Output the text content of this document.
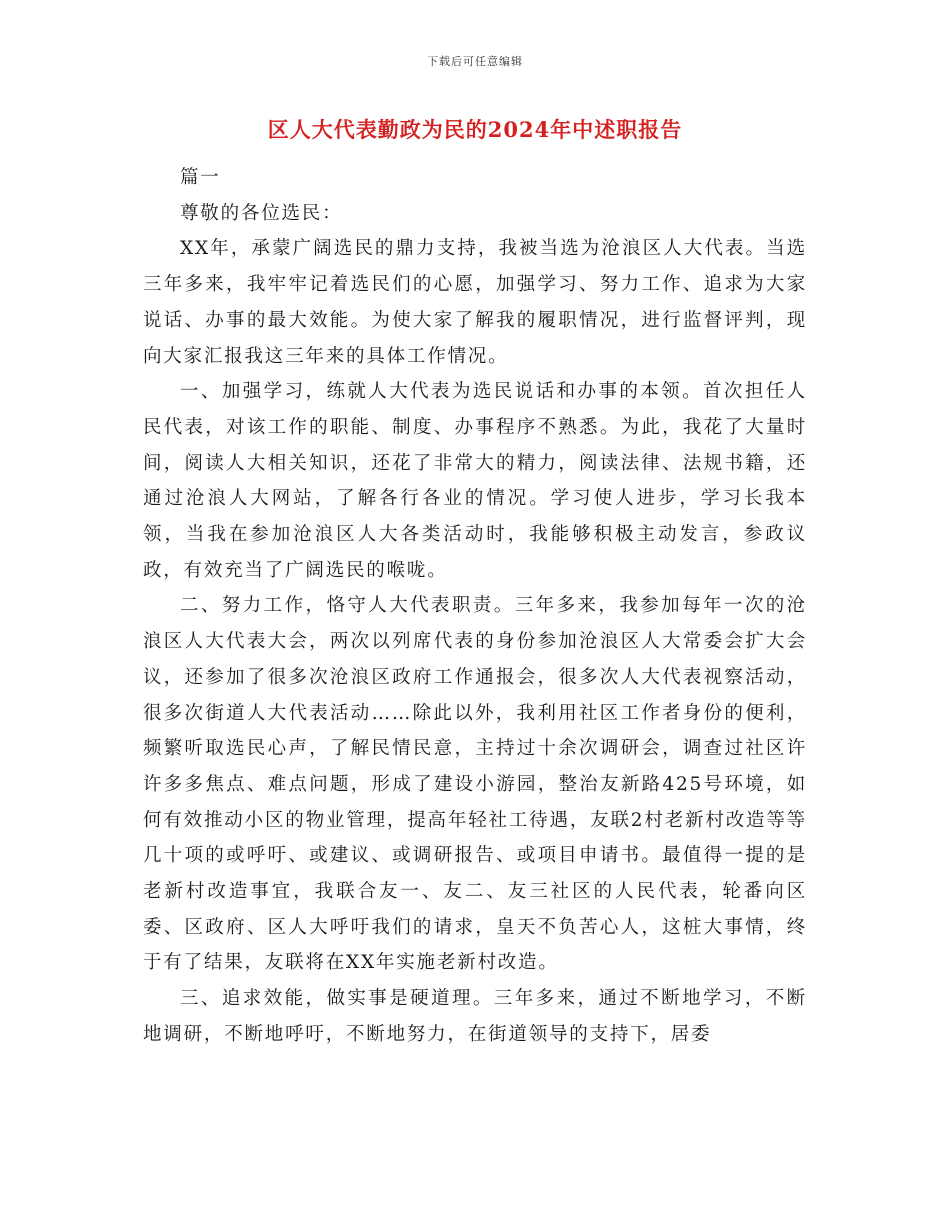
下载后可任意编辑
区人大代表勤政为民的2024年中述职报告

篇一

尊敬的各位选民：

XX年，承蒙广阔选民的鼎力支持，我被当选为沧浪区人大代表。当选三年多来，我牢牢记着选民们的心愿，加强学习、努力工作、追求为大家说话、办事的最大效能。为使大家了解我的履职情况，进行监督评判，现向大家汇报我这三年来的具体工作情况。

一、加强学习，练就人大代表为选民说话和办事的本领。首次担任人民代表，对该工作的职能、制度、办事程序不熟悉。为此，我花了大量时间，阅读人大相关知识，还花了非常大的精力，阅读法律、法规书籍，还通过沧浪人大网站，了解各行各业的情况。学习使人进步，学习长我本领，当我在参加沧浪区人大各类活动时，我能够积极主动发言，参政议政，有效充当了广阔选民的喉咙。

二、努力工作，恪守人大代表职责。三年多来，我参加每年一次的沧浪区人大代表大会，两次以列席代表的身份参加沧浪区人大常委会扩大会议，还参加了很多次沧浪区政府工作通报会，很多次人大代表视察活动，很多次街道人大代表活动……除此以外，我利用社区工作者身份的便利，频繁听取选民心声，了解民情民意，主持过十余次调研会，调查过社区许许多多焦点、难点问题，形成了建设小游园，整治友新路425号环境，如何有效推动小区的物业管理，提高年轻社工待遇，友联2村老新村改造等等几十项的或呼吁、或建议、或调研报告、或项目申请书。最值得一提的是老新村改造事宜，我联合友一、友二、友三社区的人民代表，轮番向区委、区政府、区人大呼吁我们的请求，皇天不负苦心人，这桩大事情，终于有了结果，友联将在XX年实施老新村改造。

三、追求效能，做实事是硬道理。三年多来，通过不断地学习，不断地调研，不断地呼吁，不断地努力，在街道领导的支持下，居委
